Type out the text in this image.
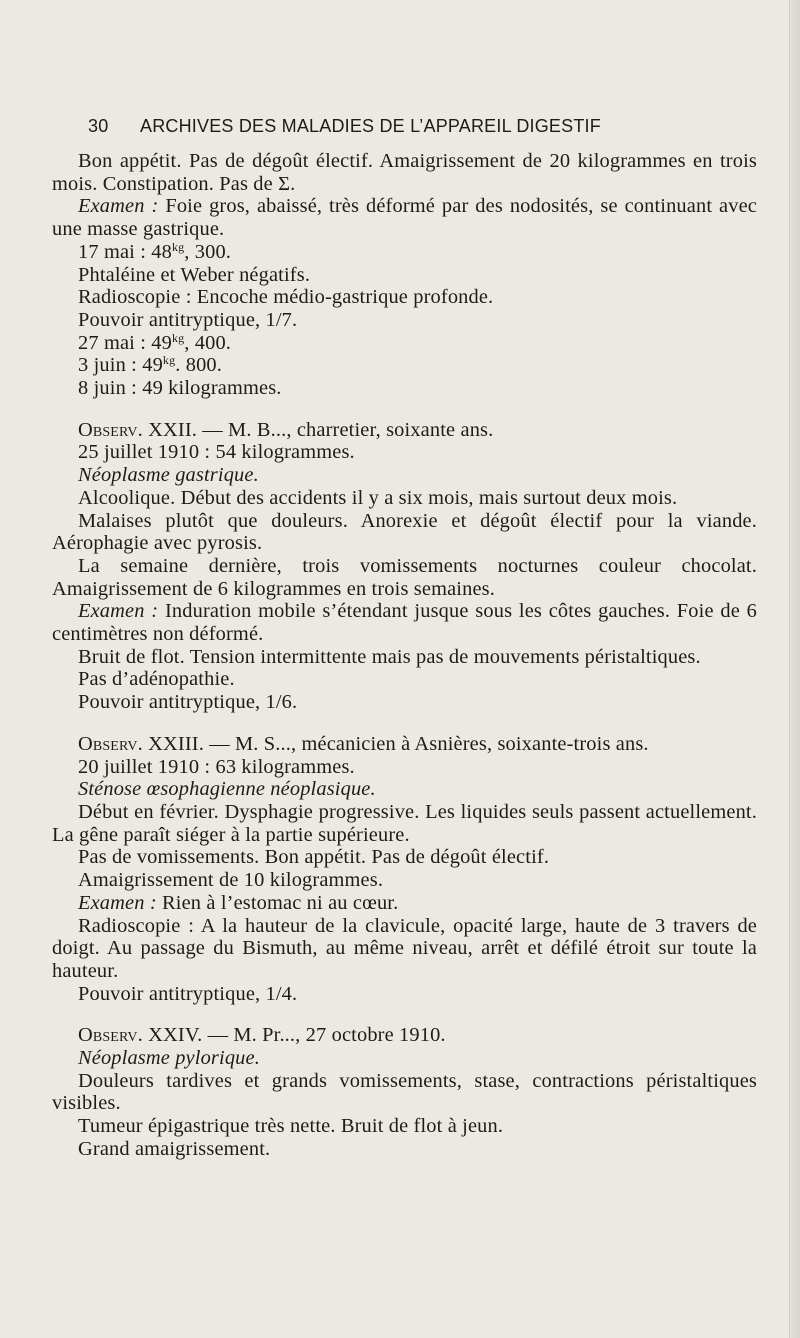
30 ARCHIVES DES MALADIES DE L’APPAREIL DIGESTIF

Bon appétit. Pas de dégoût électif. Amaigrissement de 20 kilogrammes en trois mois. Constipation. Pas de Σ.

Examen : Foie gros, abaissé, très déformé par des nodosités, se continuant avec une masse gastrique.

17 mai : $48^{kg}$, 300.

Phtaléine et Weber négatifs.

Radioscopie : Encoche médio-gastrique profonde.

Pouvoir antitryptique, 1/7.

27 mai : $49^{kg}$, 400.

3 juin : $49^{kg}$. 800.

8 juin : 49 kilogrammes.

Observ. XXII. — M. B..., charretier, soixante ans.

25 juillet 1910 : 54 kilogrammes.

Néoplasme gastrique.

Alcoolique. Début des accidents il y a six mois, mais surtout deux mois.

Malaises plutôt que douleurs. Anorexie et dégoût électif pour la viande. Aérophagie avec pyrosis.

La semaine dernière, trois vomissements nocturnes couleur chocolat. Amaigrissement de 6 kilogrammes en trois semaines.

Examen : Induration mobile s’étendant jusque sous les côtes gauches. Foie de 6 centimètres non déformé.

Bruit de flot. Tension intermittente mais pas de mouvements péristaltiques.

Pas d’adénopathie.

Pouvoir antitryptique, 1/6.

Observ. XXIII. — M. S..., mécanicien à Asnières, soixante-trois ans.

20 juillet 1910 : 63 kilogrammes.

Sténose œsophagienne néoplasique.

Début en février. Dysphagie progressive. Les liquides seuls passent actuellement. La gêne paraît siéger à la partie supérieure.

Pas de vomissements. Bon appétit. Pas de dégoût électif.

Amaigrissement de 10 kilogrammes.

Examen : Rien à l’estomac ni au cœur.

Radioscopie : A la hauteur de la clavicule, opacité large, haute de 3 travers de doigt. Au passage du Bismuth, au même niveau, arrêt et défilé étroit sur toute la hauteur.

Pouvoir antitryptique, 1/4.

Observ. XXIV. — M. Pr..., 27 octobre 1910.

Néoplasme pylorique.

Douleurs tardives et grands vomissements, stase, contractions péristaltiques visibles.

Tumeur épigastrique très nette. Bruit de flot à jeun.

Grand amaigrissement.
